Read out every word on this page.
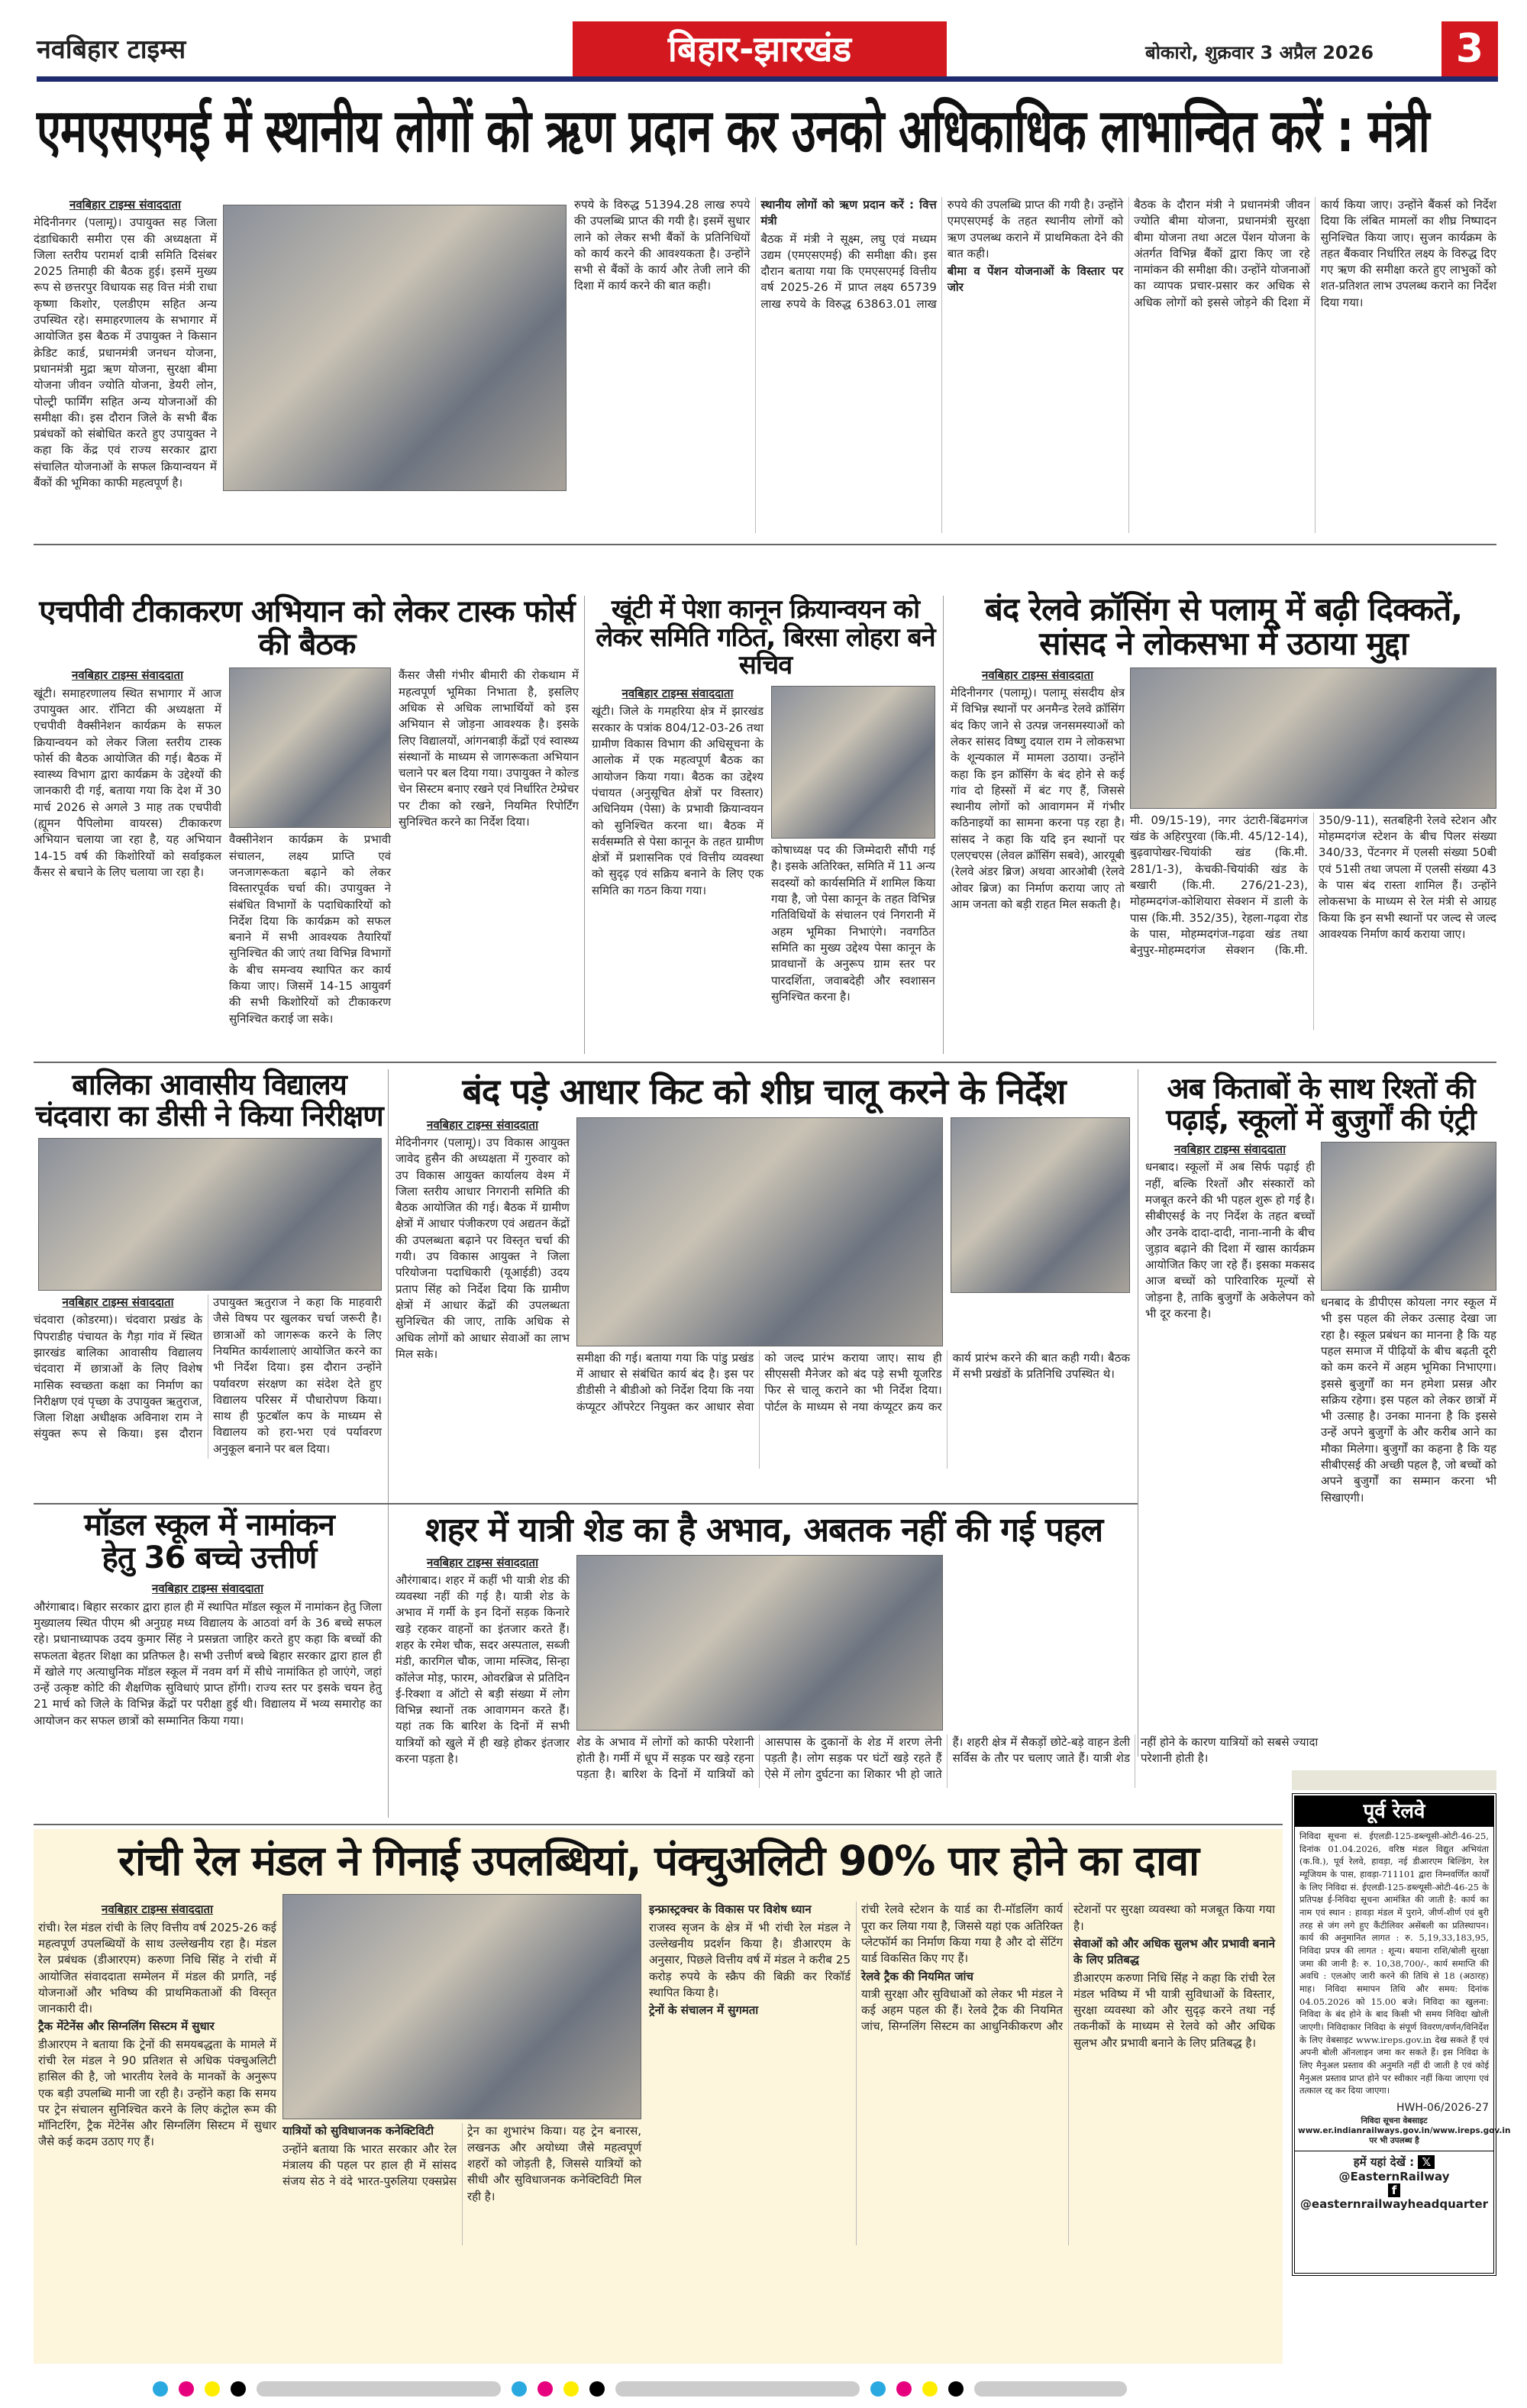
नवबिहार टाइम्स	बिहार-झारखंड	बोकारो, शुक्रवार 3 अप्रैल 2026	3
एमएसएमई में स्थानीय लोगों को ऋण प्रदान कर उनको अधिकाधिक लाभान्वित करें : मंत्री
नवबिहार टाइम्स संवाददाता

मेदिनीनगर (पलामू)। उपायुक्त सह जिला दंडाधिकारी समीरा एस की अध्यक्षता में जिला स्तरीय परामर्श दात्री समिति दिसंबर 2025 तिमाही की बैठक हुई। इसमें मुख्य रूप से छत्तरपुर विधायक सह वित्त मंत्री राधा कृष्णा किशोर, एलडीएम सहित अन्य उपस्थित रहे। समाहरणालय के सभागार में आयोजित इस बैठक में उपायुक्त ने किसान क्रेडिट कार्ड, प्रधानमंत्री जनधन योजना, प्रधानमंत्री मुद्रा ऋण योजना, सुरक्षा बीमा योजना जीवन ज्योति योजना, डेयरी लोन, पोल्ट्री फार्मिंग सहित अन्य योजनाओं की समीक्षा की। इस दौरान जिले के सभी बैंक प्रबंधकों को संबोधित करते हुए उपायुक्त ने कहा कि केंद्र एवं राज्य सरकार द्वारा संचालित योजनाओं के सफल क्रियान्वयन में बैंकों की भूमिका काफी महत्वपूर्ण है।

रुपये के विरुद्ध 51394.28 लाख रुपये की उपलब्धि प्राप्त की गयी है। इसमें सुधार लाने को लेकर सभी बैंकों के प्रतिनिधियों को कार्य करने की आवश्यकता है। उन्होंने सभी से बैंकों के कार्य और तेजी लाने की दिशा में कार्य करने की बात कही।

स्थानीय लोगों को ऋण प्रदान करें : वित्त मंत्री

बैठक में मंत्री ने सूक्ष्म, लघु एवं मध्यम उद्यम (एमएसएमई) की समीक्षा की। इस दौरान बताया गया कि एमएसएमई वित्तीय वर्ष 2025-26 में प्राप्त लक्ष्य 65739 लाख रुपये के विरुद्ध 63863.01 लाख रुपये की उपलब्धि प्राप्त की गयी है। उन्होंने एमएसएमई के तहत स्थानीय लोगों को ऋण उपलब्ध कराने में प्राथमिकता देने की बात कही।

बीमा व पेंशन योजनाओं के विस्तार पर जोर

बैठक के दौरान मंत्री ने प्रधानमंत्री जीवन ज्योति बीमा योजना, प्रधानमंत्री सुरक्षा बीमा योजना तथा अटल पेंशन योजना के अंतर्गत विभिन्न बैंकों द्वारा किए जा रहे नामांकन की समीक्षा की। उन्होंने योजनाओं का व्यापक प्रचार-प्रसार कर अधिक से अधिक लोगों को इससे जोड़ने की दिशा में कार्य किया जाए। उन्होंने बैंकर्स को निर्देश दिया कि लंबित मामलों का शीघ्र निष्पादन सुनिश्चित किया जाए। सुजन कार्यक्रम के तहत बैंकवार निर्धारित लक्ष्य के विरुद्ध दिए गए ऋण की समीक्षा करते हुए लाभुकों को शत-प्रतिशत लाभ उपलब्ध कराने का निर्देश दिया गया।

एचपीवी टीकाकरण अभियान को लेकर टास्क फोर्स की बैठक
नवबिहार टाइम्स संवाददाता

खूंटी। समाहरणालय स्थित सभागार में आज उपायुक्त आर. रॉनिटा की अध्यक्षता में एचपीवी वैक्सीनेशन कार्यक्रम के सफल क्रियान्वयन को लेकर जिला स्तरीय टास्क फोर्स की बैठक आयोजित की गई। बैठक में स्वास्थ्य विभाग द्वारा कार्यक्रम के उद्देश्यों की जानकारी दी गई, बताया गया कि देश में 30 मार्च 2026 से अगले 3 माह तक एचपीवी (ह्यूमन पैपिलोमा वायरस) टीकाकरण अभियान चलाया जा रहा है, यह अभियान 14-15 वर्ष की किशोरियों को सर्वाइकल कैंसर से बचाने के लिए चलाया जा रहा है।

वैक्सीनेशन कार्यक्रम के प्रभावी संचालन, लक्ष्य प्राप्ति एवं जनजागरूकता बढ़ाने को लेकर विस्तारपूर्वक चर्चा की। उपायुक्त ने संबंधित विभागों के पदाधिकारियों को निर्देश दिया कि कार्यक्रम को सफल बनाने में सभी आवश्यक तैयारियाँ सुनिश्चित की जाएं तथा विभिन्न विभागों के बीच समन्वय स्थापित कर कार्य किया जाए। जिसमें 14-15 आयुवर्ग की सभी किशोरियों को टीकाकरण सुनिश्चित कराई जा सके।

कैंसर जैसी गंभीर बीमारी की रोकथाम में महत्वपूर्ण भूमिका निभाता है, इसलिए अधिक से अधिक लाभार्थियों को इस अभियान से जोड़ना आवश्यक है। इसके लिए विद्यालयों, आंगनबाड़ी केंद्रों एवं स्वास्थ्य संस्थानों के माध्यम से जागरूकता अभियान चलाने पर बल दिया गया। उपायुक्त ने कोल्ड चेन सिस्टम बनाए रखने एवं निर्धारित टेम्प्रेचर पर टीका को रखने, नियमित रिपोर्टिंग सुनिश्चित करने का निर्देश दिया।

खूंटी में पेशा कानून क्रियान्वयन को लेकर समिति गठित, बिरसा लोहरा बने सचिव
नवबिहार टाइम्स संवाददाता

खूंटी। जिले के गमहरिया क्षेत्र में झारखंड सरकार के पत्रांक 804/12-03-26 तथा ग्रामीण विकास विभाग की अधिसूचना के आलोक में एक महत्वपूर्ण बैठक का आयोजन किया गया। बैठक का उद्देश्य पंचायत (अनुसूचित क्षेत्रों पर विस्तार) अधिनियम (पेसा) के प्रभावी क्रियान्वयन को सुनिश्चित करना था। बैठक में सर्वसम्मति से पेसा कानून के तहत ग्रामीण क्षेत्रों में प्रशासनिक एवं वित्तीय व्यवस्था को सुदृढ़ एवं सक्रिय बनाने के लिए एक समिति का गठन किया गया।

कोषाध्यक्ष पद की जिम्मेदारी सौंपी गई है। इसके अतिरिक्त, समिति में 11 अन्य सदस्यों को कार्यसमिति में शामिल किया गया है, जो पेसा कानून के तहत विभिन्न गतिविधियों के संचालन एवं निगरानी में अहम भूमिका निभाएंगे। नवगठित समिति का मुख्य उद्देश्य पेसा कानून के प्रावधानों के अनुरूप ग्राम स्तर पर पारदर्शिता, जवाबदेही और स्वशासन सुनिश्चित करना है।

बंद रेलवे क्रॉसिंग से पलामू में बढ़ी दिक्कतें, सांसद ने लोकसभा में उठाया मुद्दा
नवबिहार टाइम्स संवाददाता

मेदिनीनगर (पलामू)। पलामू संसदीय क्षेत्र में विभिन्न स्थानों पर अनमैन्ड रेलवे क्रॉसिंग बंद किए जाने से उत्पन्न जनसमस्याओं को लेकर सांसद विष्णु दयाल राम ने लोकसभा के शून्यकाल में मामला उठाया। उन्होंने कहा कि इन क्रॉसिंग के बंद होने से कई गांव दो हिस्सों में बंट गए हैं, जिससे स्थानीय लोगों को आवागमन में गंभीर कठिनाइयों का सामना करना पड़ रहा है। सांसद ने कहा कि यदि इन स्थानों पर एलएचएस (लेवल क्रॉसिंग सबवे), आरयूबी (रेलवे अंडर ब्रिज) अथवा आरओबी (रेलवे ओवर ब्रिज) का निर्माण कराया जाए तो आम जनता को बड़ी राहत मिल सकती है।

मी. 09/15-19), नगर उंटारी-बिंढमगंज खंड के अहिरपुरवा (कि.मी. 45/12-14), बुढ़वापोखर-चियांकी खंड (कि.मी. 281/1-3), केचकी-चियांकी खंड के बखारी (कि.मी. 276/21-23), मोहम्मदगंज-कोशियारा सेक्शन में डाली के पास (कि.मी. 352/35), रेहला-गढ़वा रोड के पास, मोहम्मदगंज-गढ़वा खंड तथा बेनुपुर-मोहम्मदगंज सेक्शन (कि.मी. 350/9-11), सतबहिनी रेलवे स्टेशन और मोहम्मदगंज स्टेशन के बीच पिलर संख्या 340/33, पेंटनगर में एलसी संख्या 50बी एवं 51सी तथा जपला में एलसी संख्या 43 के पास बंद रास्ता शामिल हैं। उन्होंने लोकसभा के माध्यम से रेल मंत्री से आग्रह किया कि इन सभी स्थानों पर जल्द से जल्द आवश्यक निर्माण कार्य कराया जाए।

बालिका आवासीय विद्यालय
चंदवारा का डीसी ने किया निरीक्षण
नवबिहार टाइम्स संवाददाता

चंदवारा (कोडरमा)। चंदवारा प्रखंड के पिपराडीह पंचायत के गैड़ा गांव में स्थित झारखंड बालिका आवासीय विद्यालय चंदवारा में छात्राओं के लिए विशेष मासिक स्वच्छता कक्षा का निर्माण का निरीक्षण एवं पृच्छा के उपायुक्त ऋतुराज, जिला शिक्षा अधीक्षक अविनाश राम ने संयुक्त रूप से किया। इस दौरान उपायुक्त ऋतुराज ने कहा कि माहवारी जैसे विषय पर खुलकर चर्चा जरूरी है। छात्राओं को जागरूक करने के लिए नियमित कार्यशालाएं आयोजित करने का भी निर्देश दिया। इस दौरान उन्होंने पर्यावरण संरक्षण का संदेश देते हुए विद्यालय परिसर में पौधारोपण किया। साथ ही फुटबॉल कप के माध्यम से विद्यालय को हरा-भरा एवं पर्यावरण अनुकूल बनाने पर बल दिया।

बंद पड़े आधार किट को शीघ्र चालू करने के निर्देश
नवबिहार टाइम्स संवाददाता

मेदिनीनगर (पलामू)। उप विकास आयुक्त जावेद हुसैन की अध्यक्षता में गुरुवार को उप विकास आयुक्त कार्यालय वेश्म में जिला स्तरीय आधार निगरानी समिति की बैठक आयोजित की गई। बैठक में ग्रामीण क्षेत्रों में आधार पंजीकरण एवं अद्यतन केंद्रों की उपलब्धता बढ़ाने पर विस्तृत चर्चा की गयी। उप विकास आयुक्त ने जिला परियोजना पदाधिकारी (यूआईडी) उदय प्रताप सिंह को निर्देश दिया कि ग्रामीण क्षेत्रों में आधार केंद्रों की उपलब्धता सुनिश्चित की जाए, ताकि अधिक से अधिक लोगों को आधार सेवाओं का लाभ मिल सके।	समीक्षा की गई। बताया गया कि पांडु प्रखंड में आधार से संबंधित कार्य बंद है। इस पर डीडीसी ने बीडीओ को निर्देश दिया कि नया कंप्यूटर ऑपरेटर नियुक्त कर आधार सेवा को जल्द प्रारंभ कराया जाए। साथ ही सीएससी मैनेजर को बंद पड़े सभी यूजरिड फिर से चालू कराने का भी निर्देश दिया। पोर्टल के माध्यम से नया कंप्यूटर क्रय कर कार्य प्रारंभ करने की बात कही गयी। बैठक में सभी प्रखंडों के प्रतिनिधि उपस्थित थे।

अब किताबों के साथ रिश्तों की पढ़ाई, स्कूलों में बुजुर्गों की एंट्री
नवबिहार टाइम्स संवाददाता

धनबाद। स्कूलों में अब सिर्फ पढ़ाई ही नहीं, बल्कि रिश्तों और संस्कारों को मजबूत करने की भी पहल शुरू हो गई है। सीबीएसई के नए निर्देश के तहत बच्चों और उनके दादा-दादी, नाना-नानी के बीच जुड़ाव बढ़ाने की दिशा में खास कार्यक्रम आयोजित किए जा रहे हैं। इसका मकसद आज बच्चों को पारिवारिक मूल्यों से जोड़ना है, ताकि बुजुर्गों के अकेलेपन को भी दूर करना है।

धनबाद के डीपीएस कोयला नगर स्कूल में भी इस पहल की लेकर उत्साह देखा जा रहा है। स्कूल प्रबंधन का मानना है कि यह पहल समाज में पीढ़ियों के बीच बढ़ती दूरी को कम करने में अहम भूमिका निभाएगा। इससे बुजुर्गों का मन हमेशा प्रसन्न और सक्रिय रहेगा। इस पहल को लेकर छात्रों में भी उत्साह है। उनका मानना है कि इससे उन्हें अपने बुजुर्गों के और करीब आने का मौका मिलेगा। बुजुर्गों का कहना है कि यह सीबीएसई की अच्छी पहल है, जो बच्चों को अपने बुजुर्गों का सम्मान करना भी सिखाएगी।

मॉडल स्कूल में नामांकन
हेतु 36 बच्चे उत्तीर्ण
नवबिहार टाइम्स संवाददाता

औरंगाबाद। बिहार सरकार द्वारा हाल ही में स्थापित मॉडल स्कूल में नामांकन हेतु जिला मुख्यालय स्थित पीएम श्री अनुग्रह मध्य विद्यालय के आठवां वर्ग के 36 बच्चे सफल रहे। प्रधानाध्यापक उदय कुमार सिंह ने प्रसन्नता जाहिर करते हुए कहा कि बच्चों की सफलता बेहतर शिक्षा का प्रतिफल है। सभी उत्तीर्ण बच्चे बिहार सरकार द्वारा हाल ही में खोले गए अत्याधुनिक मॉडल स्कूल में नवम वर्ग में सीधे नामांकित हो जाएंगे, जहां उन्हें उत्कृष्ट कोटि की शैक्षणिक सुविधाएं प्राप्त होंगी। राज्य स्तर पर इसके चयन हेतु 21 मार्च को जिले के विभिन्न केंद्रों पर परीक्षा हुई थी। विद्यालय में भव्य समारोह का आयोजन कर सफल छात्रों को सम्मानित किया गया।

शहर में यात्री शेड का है अभाव, अबतक नहीं की गई पहल
नवबिहार टाइम्स संवाददाता

औरंगाबाद। शहर में कहीं भी यात्री शेड की व्यवस्था नहीं की गई है। यात्री शेड के अभाव में गर्मी के इन दिनों सड़क किनारे खड़े रहकर वाहनों का इंतजार करते हैं। शहर के रमेश चौक, सदर अस्पताल, सब्जी मंडी, कारगिल चौक, जामा मस्जिद, सिन्हा कॉलेज मोड़, फारम, ओवरब्रिज से प्रतिदिन ई-रिक्शा व ऑटो से बड़ी संख्या में लोग विभिन्न स्थानों तक आवागमन करते हैं। यहां तक कि बारिश के दिनों में सभी यात्रियों को खुले में ही खड़े होकर इंतजार करना पड़ता है।

शेड के अभाव में लोगों को काफी परेशानी होती है। गर्मी में धूप में सड़क पर खड़े रहना पड़ता है। बारिश के दिनों में यात्रियों को आसपास के दुकानों के शेड में शरण लेनी पड़ती है। लोग सड़क पर घंटों खड़े रहते हैं ऐसे में लोग दुर्घटना का शिकार भी हो जाते हैं। शहरी क्षेत्र में सैकड़ों छोटे-बड़े वाहन डेली सर्विस के तौर पर चलाए जाते हैं। यात्री शेड नहीं होने के कारण यात्रियों को सबसे ज्यादा परेशानी होती है।

पूर्व रेलवे
निविदा सूचना सं. ईएलडी-125-डब्ल्यूसी-ओटी-46-25, दिनांक 01.04.2026, वरिष्ठ मंडल विद्युत अभियंता (क.वि.), पूर्व रेलवे, हावड़ा, नई डीआरएम बिल्डिंग, रेल म्यूजियम के पास, हावड़ा-711101 द्वारा निम्नवर्णित कार्यों के लिए निविदा सं. ईएलडी-125-डब्ल्यूसी-ओटी-46-25 के प्रतिपक्ष ई-निविदा सूचना आमंत्रित की जाती है: कार्य का नाम एवं स्थान : हावड़ा मंडल में पुराने, जीर्ण-शीर्ण एवं बुरी तरह से जंग लगे हुए कैंटीलिवर असेंबली का प्रतिस्थापन। कार्य की अनुमानित लागत : रु. 5,19,33,183,95, निविदा प्रपत्र की लागत : शून्य। बयाना राशि/बोली सुरक्षा जमा की जानी है: रु. 10,38,700/-, कार्य समाप्ति की अवधि : एलओए जारी करने की तिथि से 18 (अठारह) माह। निविदा समापन तिथि और समय: दिनांक 04.05.2026 को 15.00 बजे। निविदा का खुलना: निविदा के बंद होने के बाद किसी भी समय निविदा खोली जाएगी। निविदाकार निविदा के संपूर्ण विवरण/वर्णन/विनिर्देश के लिए वेबसाइट www.ireps.gov.in देख सकते हैं एवं अपनी बोली ऑनलाइन जमा कर सकते हैं। इस निविदा के लिए मैनुअल प्रस्ताव की अनुमति नहीं दी जाती है एवं कोई मैनुअल प्रस्ताव प्राप्त होने पर स्वीकार नहीं किया जाएगा एवं तत्काल रद्द कर दिया जाएगा।
HWH-06/2026-27
निविदा सूचना वेबसाइट www.er.indianrailways.gov.in/www.ireps.gov.in पर भी उपलब्ध है
हमें यहां देखें : 𝕏 @EasternRailway
f @easternrailwayheadquarter
रांची रेल मंडल ने गिनाई उपलब्धियां, पंक्चुअलिटी 90% पार होने का दावा
नवबिहार टाइम्स संवाददाता

रांची। रेल मंडल रांची के लिए वित्तीय वर्ष 2025-26 कई महत्वपूर्ण उपलब्धियों के साथ उल्लेखनीय रहा है। मंडल रेल प्रबंधक (डीआरएम) करुणा निधि सिंह ने रांची में आयोजित संवाददाता सम्मेलन में मंडल की प्रगति, नई योजनाओं और भविष्य की प्राथमिकताओं की विस्तृत जानकारी दी।

ट्रैक मेंटेनेंस और सिग्नलिंग सिस्टम में सुधार

डीआरएम ने बताया कि ट्रेनों की समयबद्धता के मामले में रांची रेल मंडल ने 90 प्रतिशत से अधिक पंक्चुअलिटी हासिल की है, जो भारतीय रेलवे के मानकों के अनुरूप एक बड़ी उपलब्धि मानी जा रही है। उन्होंने कहा कि समय पर ट्रेन संचालन सुनिश्चित करने के लिए कंट्रोल रूम की मॉनिटरिंग, ट्रैक मेंटेनेंस और सिग्नलिंग सिस्टम में सुधार जैसे कई कदम उठाए गए हैं।

यात्रियों को सुविधाजनक कनेक्टिविटी

उन्होंने बताया कि भारत सरकार और रेल मंत्रालय की पहल पर हाल ही में सांसद संजय सेठ ने वंदे भारत-पुरुलिया एक्सप्रेस ट्रेन का शुभारंभ किया। यह ट्रेन बनारस, लखनऊ और अयोध्या जैसे महत्वपूर्ण शहरों को जोड़ती है, जिससे यात्रियों को सीधी और सुविधाजनक कनेक्टिविटी मिल रही है।

इन्फ्रास्ट्रक्चर के विकास पर विशेष ध्यान

राजस्व सृजन के क्षेत्र में भी रांची रेल मंडल ने उल्लेखनीय प्रदर्शन किया है। डीआरएम के अनुसार, पिछले वित्तीय वर्ष में मंडल ने करीब 25 करोड़ रुपये के स्क्रैप की बिक्री कर रिकॉर्ड स्थापित किया है।

ट्रेनों के संचालन में सुगमता

रांची रेलवे स्टेशन के यार्ड का री-मॉडलिंग कार्य पूरा कर लिया गया है, जिससे यहां एक अतिरिक्त प्लेटफॉर्म का निर्माण किया गया है और दो सेंटिंग यार्ड विकसित किए गए हैं।

रेलवे ट्रैक की नियमित जांच

यात्री सुरक्षा और सुविधाओं को लेकर भी मंडल ने कई अहम पहल की हैं। रेलवे ट्रैक की नियमित जांच, सिग्नलिंग सिस्टम का आधुनिकीकरण और स्टेशनों पर सुरक्षा व्यवस्था को मजबूत किया गया है।

सेवाओं को और अधिक सुलभ और प्रभावी बनाने के लिए प्रतिबद्ध

डीआरएम करुणा निधि सिंह ने कहा कि रांची रेल मंडल भविष्य में भी यात्री सुविधाओं के विस्तार, सुरक्षा व्यवस्था को और सुदृढ़ करने तथा नई तकनीकों के माध्यम से रेलवे को और अधिक सुलभ और प्रभावी बनाने के लिए प्रतिबद्ध है।
